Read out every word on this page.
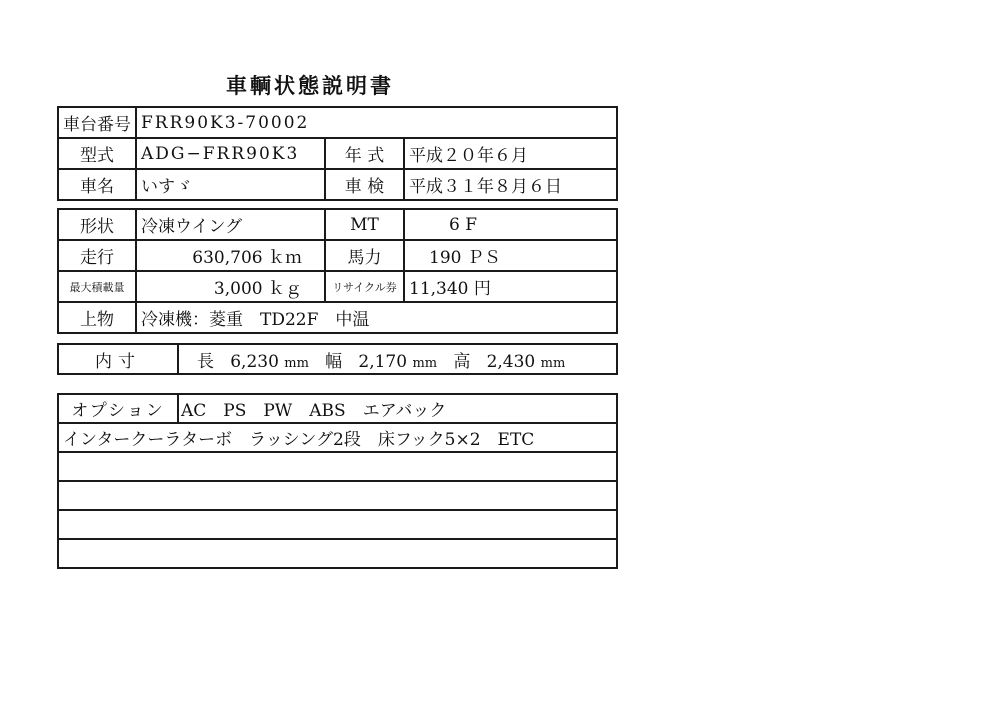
車輌状態説明書
車台番号	FRR90K3-70002		
型式	ADG−FRR90K3	年 式	平成２０年６月
車名	いすゞ	車 検	平成３１年８月６日
形状	冷凍ウイング	MT	6 F
走行	630,706 ｋｍ	馬力	190 ＰＳ
最大積載量	3,000 ｋｇ	リサイクル券	11,340 円
上物	冷凍機：菱重　TD22F　中温		
内寸	長 6,230 mm 幅 2,170 mm 高 2,430 mm
オプション	AC　PS　PW　ABS　エアバック
インタークーラターボ　ラッシング2段　床フック5×2　ETC
